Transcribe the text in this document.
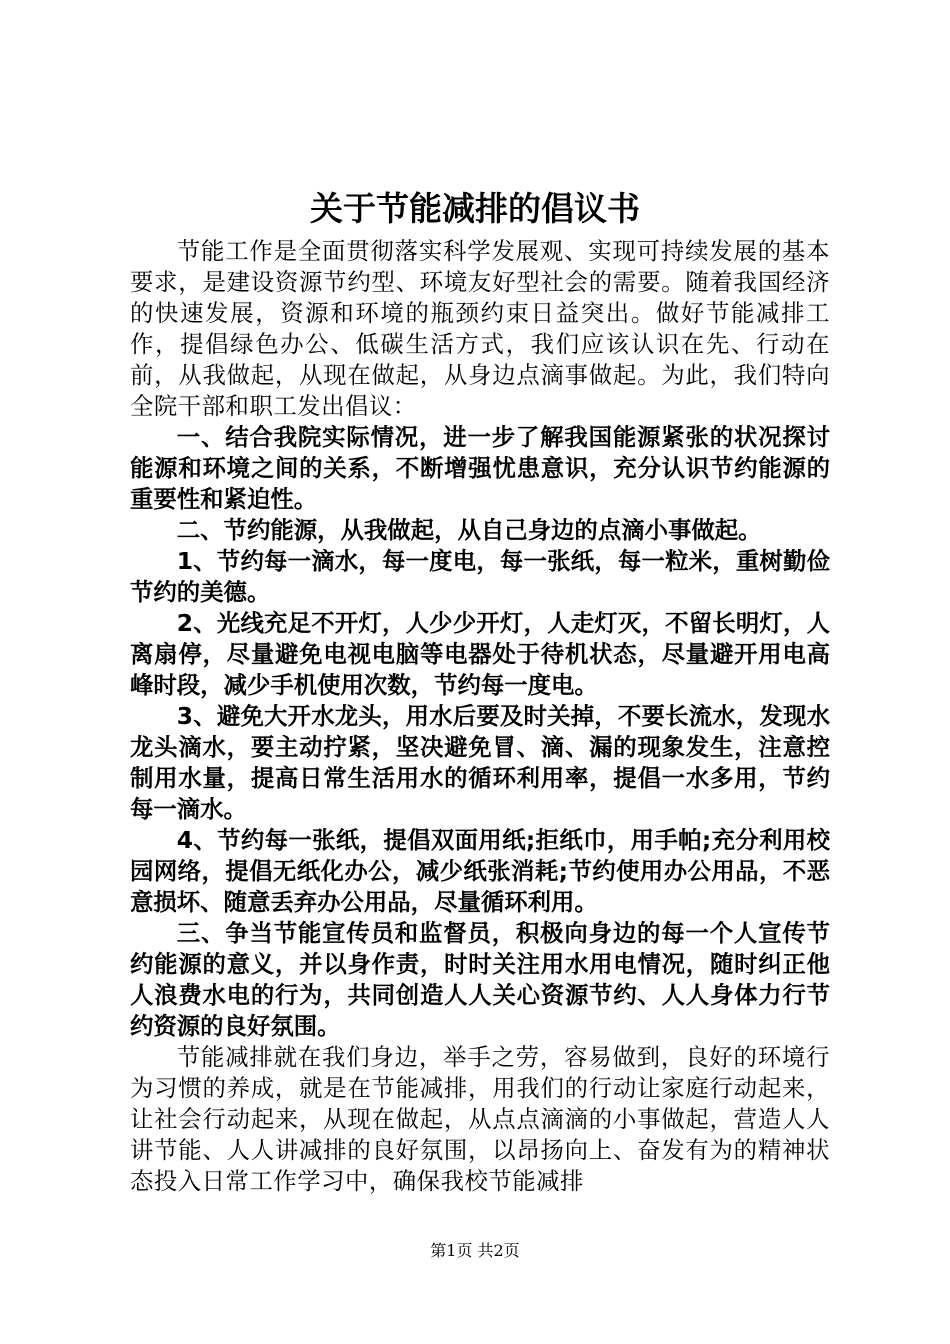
关于节能减排的倡议书

节能工作是全面贯彻落实科学发展观、实现可持续发展的基本要求，是建设资源节约型、环境友好型社会的需要。随着我国经济的快速发展，资源和环境的瓶颈约束日益突出。做好节能减排工作，提倡绿色办公、低碳生活方式，我们应该认识在先、行动在前，从我做起，从现在做起，从身边点滴事做起。为此，我们特向全院干部和职工发出倡议：

一、结合我院实际情况，进一步了解我国能源紧张的状况探讨能源和环境之间的关系，不断增强忧患意识，充分认识节约能源的重要性和紧迫性。

二、节约能源，从我做起，从自己身边的点滴小事做起。

1、节约每一滴水，每一度电，每一张纸，每一粒米，重树勤俭节约的美德。

2、光线充足不开灯，人少少开灯，人走灯灭，不留长明灯，人离扇停，尽量避免电视电脑等电器处于待机状态，尽量避开用电高峰时段，减少手机使用次数，节约每一度电。

3、避免大开水龙头，用水后要及时关掉，不要长流水，发现水龙头滴水，要主动拧紧，坚决避免冒、滴、漏的现象发生，注意控制用水量，提高日常生活用水的循环利用率，提倡一水多用，节约每一滴水。

4、节约每一张纸，提倡双面用纸;拒纸巾，用手帕;充分利用校园网络，提倡无纸化办公，减少纸张消耗;节约使用办公用品，不恶意损坏、随意丢弃办公用品，尽量循环利用。

三、争当节能宣传员和监督员，积极向身边的每一个人宣传节约能源的意义，并以身作责，时时关注用水用电情况，随时纠正他人浪费水电的行为，共同创造人人关心资源节约、人人身体力行节约资源的良好氛围。

节能减排就在我们身边，举手之劳，容易做到，良好的环境行为习惯的养成，就是在节能减排，用我们的行动让家庭行动起来，让社会行动起来，从现在做起，从点点滴滴的小事做起，营造人人讲节能、人人讲减排的良好氛围，以昂扬向上、奋发有为的精神状态投入日常工作学习中，确保我校节能减排

第1页 共2页
